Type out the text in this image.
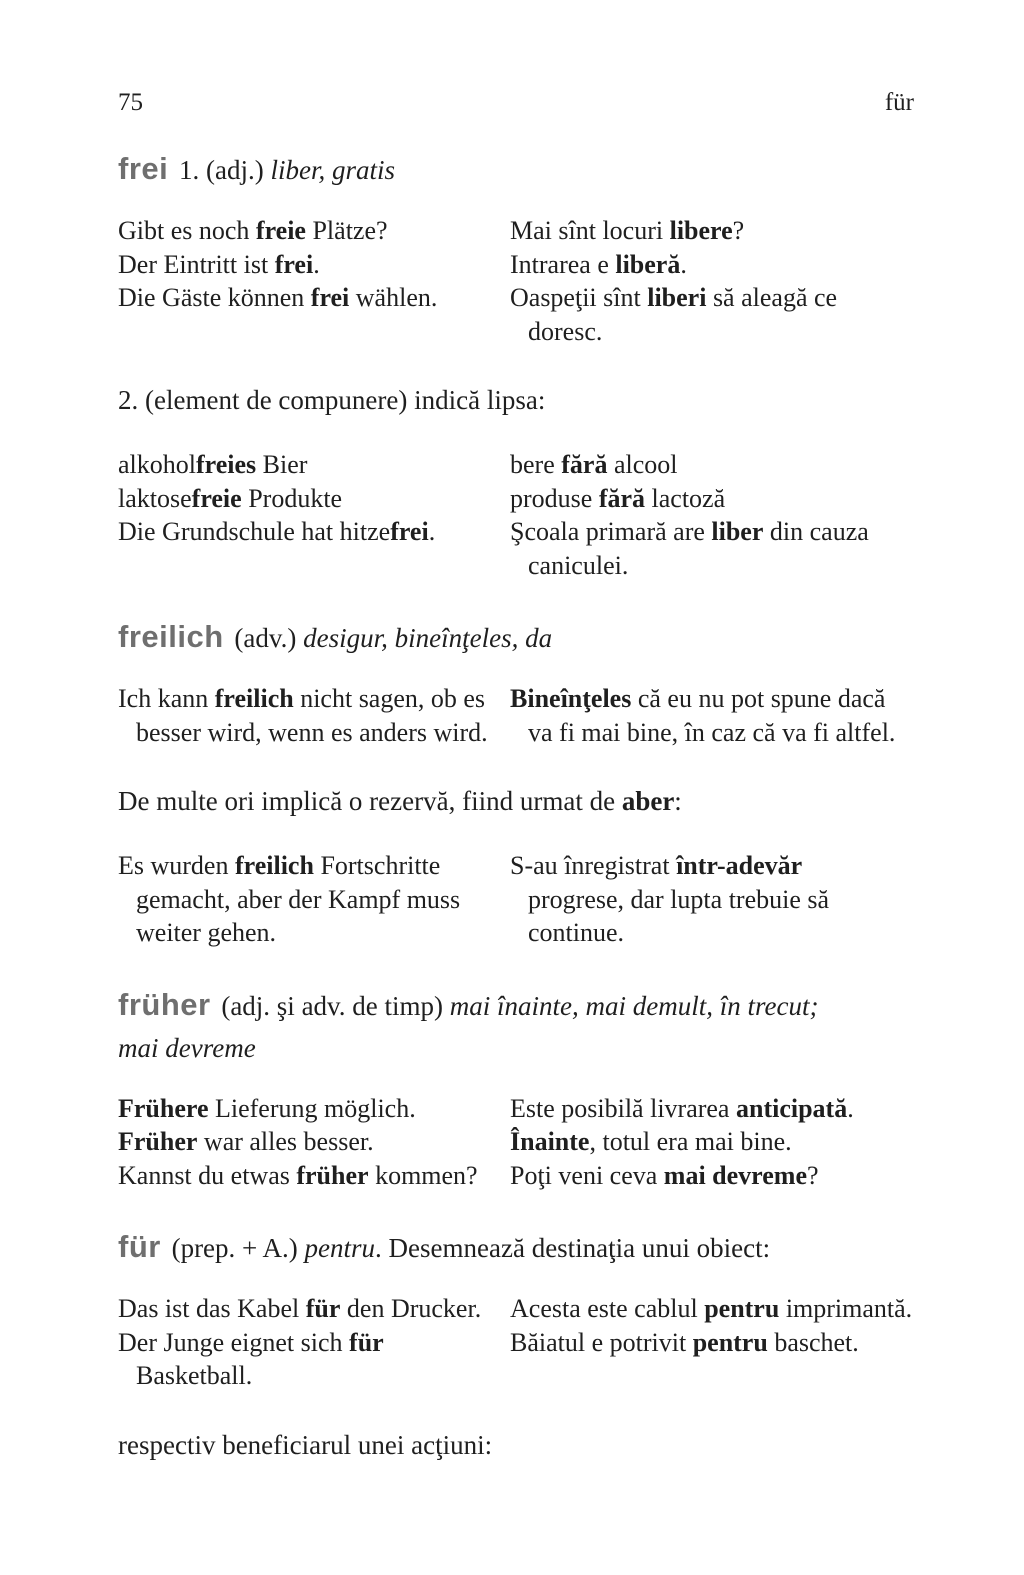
75	für

frei 1. (adj.) liber, gratis

Gibt es noch freie Plätze?

Der Eintritt ist frei.

Die Gäste können frei wählen.

Mai sînt locuri libere?

Intrarea e liberă.

Oaspeţii sînt liberi să aleagă ce

doresc.

2. (element de compunere) indică lipsa:

alkoholfreies Bier

laktosefreie Produkte

Die Grundschule hat hitzefrei.

bere fără alcool

produse fără lactoză

Şcoala primară are liber din cauza

caniculei.

freilich (adv.) desigur, bineînţeles, da

Ich kann freilich nicht sagen, ob es

besser wird, wenn es anders wird.

Bineînţeles că eu nu pot spune dacă

va fi mai bine, în caz că va fi altfel.

De multe ori implică o rezervă, fiind urmat de aber:

Es wurden freilich Fortschritte

gemacht, aber der Kampf muss

weiter gehen.

S-au înregistrat într-adevăr

progrese, dar lupta trebuie să

continue.

früher (adj. şi adv. de timp) mai înainte, mai demult, în trecut;

mai devreme

Frühere Lieferung möglich.

Früher war alles besser.

Kannst du etwas früher kommen?

Este posibilă livrarea anticipată.

Înainte, totul era mai bine.

Poţi veni ceva mai devreme?

für (prep. + A.) pentru. Desemnează destinaţia unui obiect:

Das ist das Kabel für den Drucker.

Der Junge eignet sich für

Basketball.

Acesta este cablul pentru imprimantă.

Băiatul e potrivit pentru baschet.

respectiv beneficiarul unei acţiuni:
